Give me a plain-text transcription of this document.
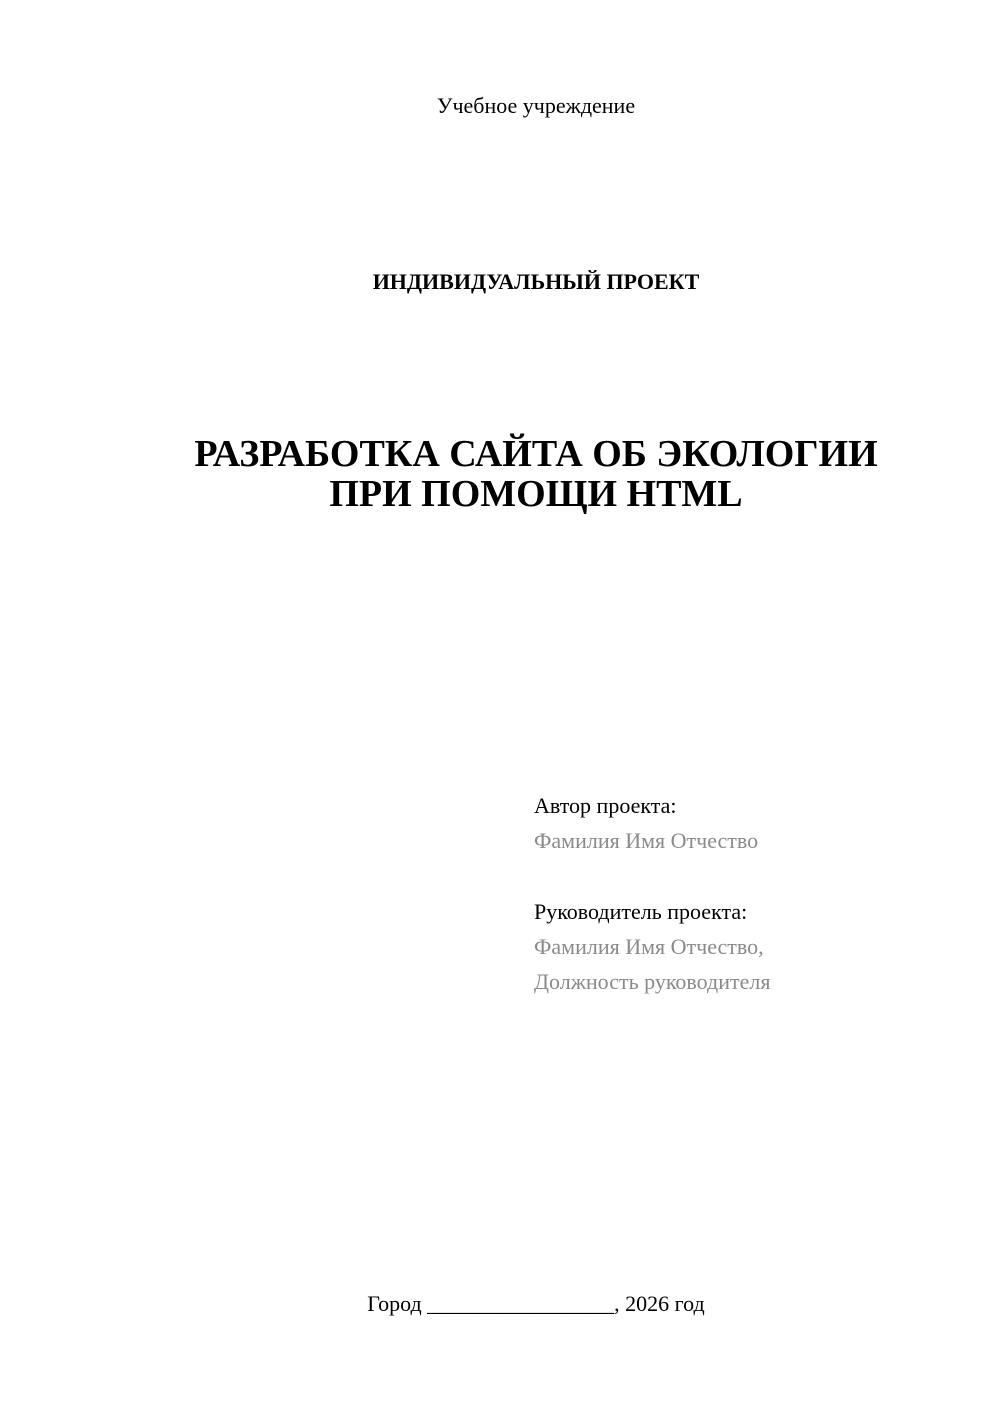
Учебное учреждение
ИНДИВИДУАЛЬНЫЙ ПРОЕКТ
РАЗРАБОТКА САЙТА ОБ ЭКОЛОГИИ
ПРИ ПОМОЩИ HTML
Автор проекта:
Фамилия Имя Отчество
Руководитель проекта:
Фамилия Имя Отчество,
Должность руководителя
Город _________________, 2026 год
